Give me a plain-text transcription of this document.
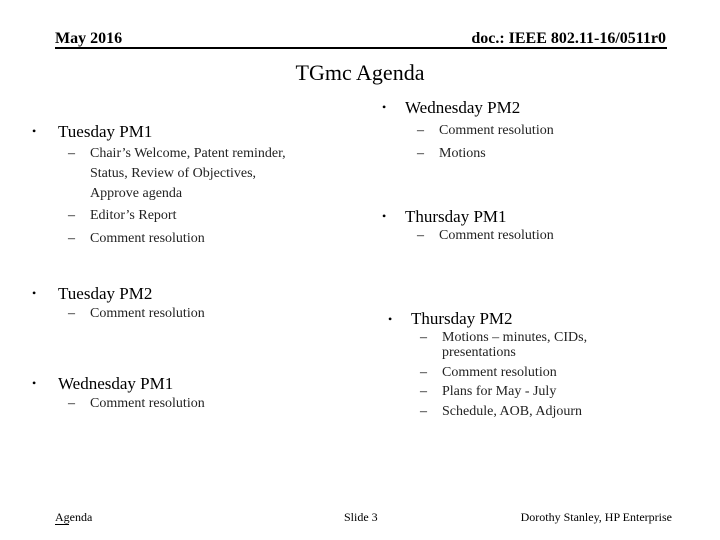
May 2016	doc.: IEEE 802.11-16/0511r0
TGmc Agenda
• Tuesday PM1
– Chair’s Welcome, Patent reminder,
Status, Review of Objectives,
Approve agenda
– Editor’s Report
– Comment resolution
• Tuesday PM2
– Comment resolution
• Wednesday PM1
– Comment resolution
• Wednesday PM2
– Comment resolution
– Motions
• Thursday PM1
– Comment resolution
• Thursday PM2
– Motions – minutes, CIDs,
presentations
– Comment resolution
– Plans for May - July
– Schedule, AOB, Adjourn
Agenda	Slide 3	Dorothy Stanley, HP Enterprise
